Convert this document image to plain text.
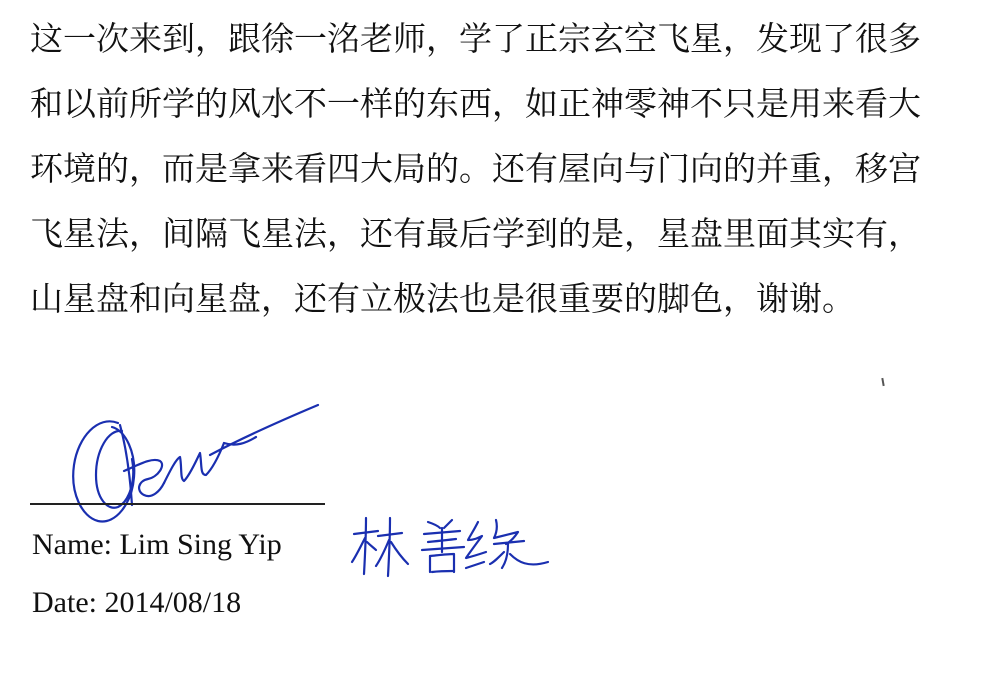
这一次来到，跟徐一洺老师，学了正宗玄空飞星，发现了很多
和以前所学的风水不一样的东西，如正神零神不只是用来看大
环境的，而是拿来看四大局的。还有屋向与门向的并重，移宫
飞星法，间隔飞星法，还有最后学到的是，星盘里面其实有，
山星盘和向星盘，还有立极法也是很重要的脚色，谢谢。
Name: Lim Sing Yip
Date: 2014/08/18
